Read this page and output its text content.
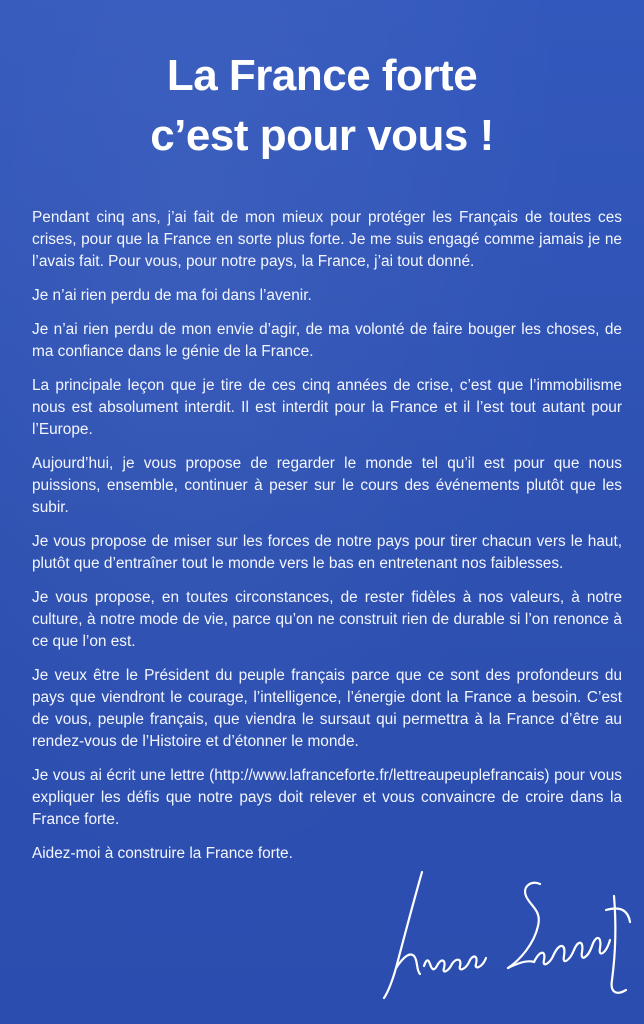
La France forte
c’est pour vous !

Pendant cinq ans, j’ai fait de mon mieux pour protéger les Français de toutes ces crises, pour que la France en sorte plus forte. Je me suis engagé comme jamais je ne l’avais fait. Pour vous, pour notre pays, la France, j’ai tout donné.

Je n’ai rien perdu de ma foi dans l’avenir.

Je n’ai rien perdu de mon envie d’agir, de ma volonté de faire bouger les choses, de ma confiance dans le génie de la France.

La principale leçon que je tire de ces cinq années de crise, c’est que l’immobilisme nous est absolument interdit. Il est interdit pour la France et il l’est tout autant pour l’Europe.

Aujourd’hui, je vous propose de regarder le monde tel qu’il est pour que nous puissions, ensemble, continuer à peser sur le cours des événements plutôt que les subir.

Je vous propose de miser sur les forces de notre pays pour tirer chacun vers le haut, plutôt que d’entraîner tout le monde vers le bas en entretenant nos faiblesses.

Je vous propose, en toutes circonstances, de rester fidèles à nos valeurs, à notre culture, à notre mode de vie, parce qu’on ne construit rien de durable si l’on renonce à ce que l’on est.

Je veux être le Président du peuple français parce que ce sont des profondeurs du pays que viendront le courage, l’intelligence, l’énergie dont la France a besoin. C’est de vous, peuple français, que viendra le sursaut qui permettra à la France d’être au rendez-vous de l’Histoire et d’étonner le monde.

Je vous ai écrit une lettre (http://www.lafranceforte.fr/lettreaupeuplefrancais) pour vous expliquer les défis que notre pays doit relever et vous convaincre de croire dans la France forte.

Aidez-moi à construire la France forte.
